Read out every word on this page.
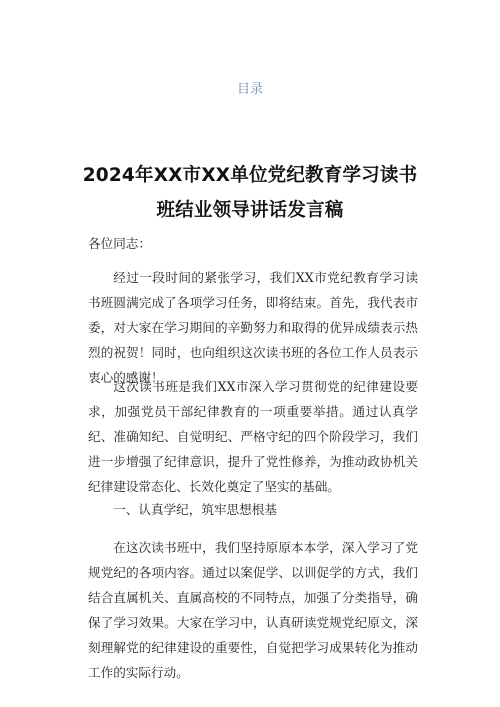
目录
2024年XX市XX单位党纪教育学习读书
班结业领导讲话发言稿
各位同志：

经过一段时间的紧张学习，我们XX市党纪教育学习读书班圆满完成了各项学习任务，即将结束。首先，我代表市委，对大家在学习期间的辛勤努力和取得的优异成绩表示热烈的祝贺！同时，也向组织这次读书班的各位工作人员表示衷心的感谢！

这次读书班是我们XX市深入学习贯彻党的纪律建设要求，加强党员干部纪律教育的一项重要举措。通过认真学纪、准确知纪、自觉明纪、严格守纪的四个阶段学习，我们进一步增强了纪律意识，提升了党性修养，为推动政协机关纪律建设常态化、长效化奠定了坚实的基础。

一、认真学纪，筑牢思想根基

在这次读书班中，我们坚持原原本本学，深入学习了党规党纪的各项内容。通过以案促学、以训促学的方式，我们结合直属机关、直属高校的不同特点，加强了分类指导，确保了学习效果。大家在学习中，认真研读党规党纪原文，深刻理解党的纪律建设的重要性，自觉把学习成果转化为推动工作的实际行动。
